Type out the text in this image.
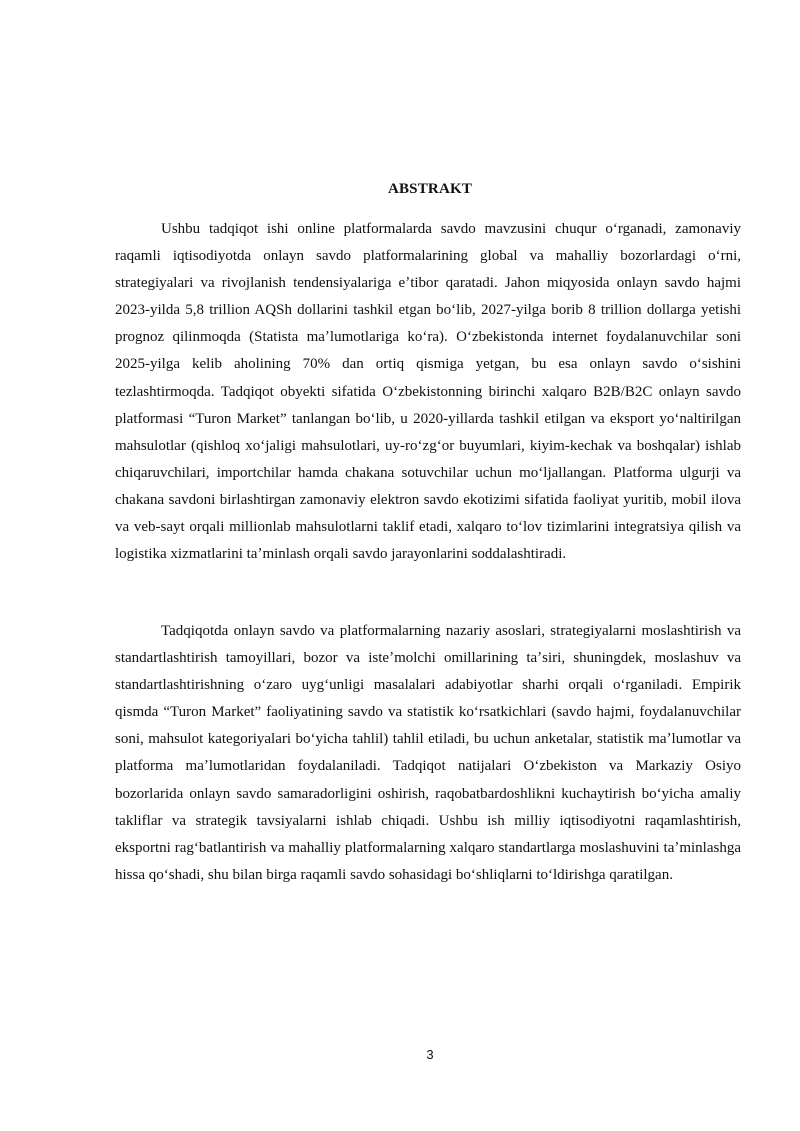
ABSTRAKT

Ushbu tadqiqot ishi online platformalarda savdo mavzusini chuqur oʻrganadi, zamonaviy raqamli iqtisodiyotda onlayn savdo platformalarining global va mahalliy bozorlardagi oʻrni, strategiyalari va rivojlanish tendensiyalariga eʼtibor qaratadi. Jahon miqyosida onlayn savdo hajmi 2023-yilda 5,8 trillion AQSh dollarini tashkil etgan boʻlib, 2027-yilga borib 8 trillion dollarga yetishi prognoz qilinmoqda (Statista maʼlumotlariga koʻra). Oʻzbekistonda internet foydalanuvchilar soni 2025-yilga kelib aholining 70% dan ortiq qismiga yetgan, bu esa onlayn savdo oʻsishini tezlashtirmoqda. Tadqiqot obyekti sifatida Oʻzbekistonning birinchi xalqaro B2B/B2C onlayn savdo platformasi “Turon Market” tanlangan boʻlib, u 2020-yillarda tashkil etilgan va eksport yoʻnaltirilgan mahsulotlar (qishloq xoʻjaligi mahsulotlari, uy-roʻzgʻor buyumlari, kiyim-kechak va boshqalar) ishlab chiqaruvchilari, importchilar hamda chakana sotuvchilar uchun moʻljallangan. Platforma ulgurji va chakana savdoni birlashtirgan zamonaviy elektron savdo ekotizimi sifatida faoliyat yuritib, mobil ilova va veb-sayt orqali millionlab mahsulotlarni taklif etadi, xalqaro toʻlov tizimlarini integratsiya qilish va logistika xizmatlarini taʼminlash orqali savdo jarayonlarini soddalashtiradi.

Tadqiqotda onlayn savdo va platformalarning nazariy asoslari, strategiyalarni moslashtirish va standartlashtirish tamoyillari, bozor va isteʼmolchi omillarining taʼsiri, shuningdek, moslashuv va standartlashtirishning oʻzaro uygʻunligi masalalari adabiyotlar sharhi orqali oʻrganiladi. Empirik qismda “Turon Market” faoliyatining savdo va statistik koʻrsatkichlari (savdo hajmi, foydalanuvchilar soni, mahsulot kategoriyalari boʻyicha tahlil) tahlil etiladi, bu uchun anketalar, statistik maʼlumotlar va platforma maʼlumotlaridan foydalaniladi. Tadqiqot natijalari Oʻzbekiston va Markaziy Osiyo bozorlarida onlayn savdo samaradorligini oshirish, raqobatbardoshlikni kuchaytirish boʻyicha amaliy takliflar va strategik tavsiyalarni ishlab chiqadi. Ushbu ish milliy iqtisodiyotni raqamlashtirish, eksportni ragʻbatlantirish va mahalliy platformalarning xalqaro standartlarga moslashuvini taʼminlashga hissa qoʻshadi, shu bilan birga raqamli savdo sohasidagi boʻshliqlarni toʻldirishga qaratilgan.

3
